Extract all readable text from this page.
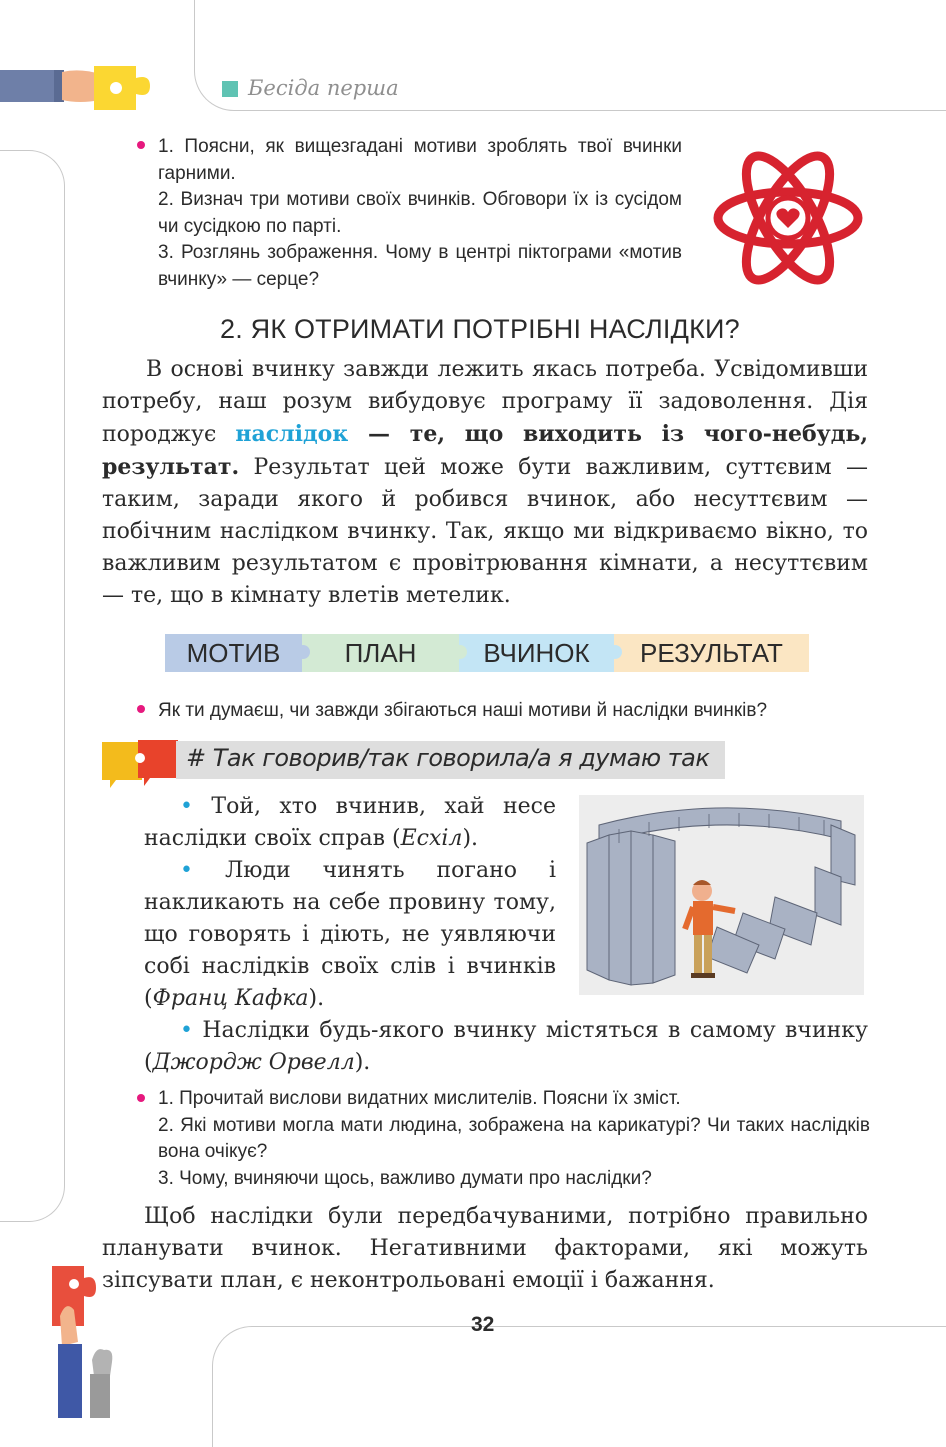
Бесіда перша

1. Поясни, як вищезгадані мотиви зроблять твої вчинки гарними.

2. Визнач три мотиви своїх вчинків. Обговори їх із сусідом чи сусідкою по парті.

3. Розглянь зображення. Чому в центрі піктограми «мотив вчинку» — серце?

2. ЯК ОТРИМАТИ ПОТРІБНІ НАСЛІДКИ?
В основі вчинку завжди лежить якась потреба. Усвідомивши потребу, наш розум вибудовує програму її задоволення. Дія породжує наслідок — те, що виходить із чого-небудь, результат. Результат цей може бути важливим, суттєвим — таким, заради якого й робився вчинок, або несуттєвим — побічним наслідком вчинку. Так, якщо ми відкриваємо вікно, то важливим результатом є провітрювання кімнати, а несуттєвим — те, що в кімнату влетів метелик.
МОТИВ	ПЛАН	ВЧИНОК	РЕЗУЛЬТАТ
Як ти думаєш, чи завжди збігаються наші мотиви й наслідки вчинків?
# Так говорив/так говорила/а я думаю так
• Той, хто вчинив, хай несе наслідки своїх справ (Есхіл).
• Люди чинять погано і накликають на себе провину тому, що говорять і діють, не уявляючи собі наслідків своїх слів і вчинків (Франц Кафка).
• Наслідки будь-якого вчинку містяться в самому вчинку (Джордж Орвелл).

1. Прочитай вислови видатних мислителів. Поясни їх зміст.

2. Які мотиви могла мати людина, зображена на карикатурі? Чи таких наслідків вона очікує?

3. Чому, вчиняючи щось, важливо думати про наслідки?

Щоб наслідки були передбачуваними, потрібно правильно планувати вчинок. Негативними факторами, які можуть зіпсувати план, є неконтрольовані емоції і бажання.
32
